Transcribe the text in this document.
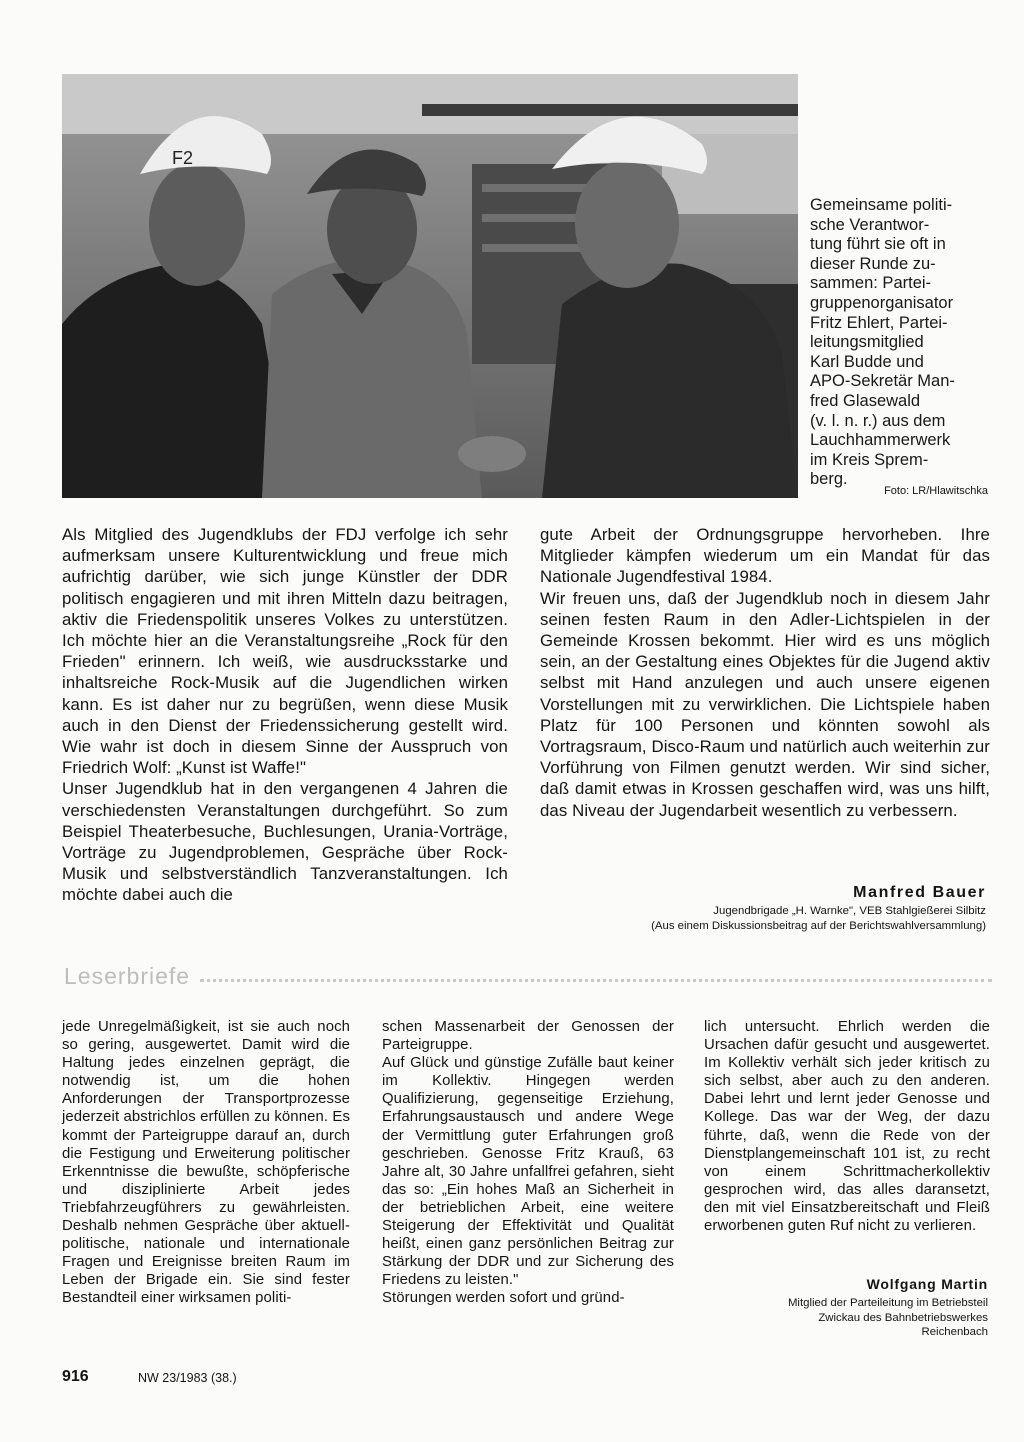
F2
Gemeinsame politi-
sche Verantwor-
tung führt sie oft in
dieser Runde zu-
sammen: Partei-
gruppenorganisator
Fritz Ehlert, Partei-
leitungsmitglied
Karl Budde und
APO-Sekretär Man-
fred Glasewald
(v. l. n. r.) aus dem
Lauchhammerwerk
im Kreis Sprem-
berg.
Foto: LR/Hlawitschka

Als Mitglied des Jugendklubs der FDJ verfolge ich sehr aufmerksam unsere Kulturentwicklung und freue mich aufrichtig darüber, wie sich junge Künstler der DDR politisch engagieren und mit ihren Mitteln dazu beitragen, aktiv die Friedenspolitik unseres Volkes zu unterstützen. Ich möchte hier an die Veranstaltungsreihe „Rock für den Frieden" erinnern. Ich weiß, wie ausdrucksstarke und inhaltsreiche Rock-Musik auf die Jugendlichen wirken kann. Es ist daher nur zu begrüßen, wenn diese Musik auch in den Dienst der Friedenssicherung gestellt wird. Wie wahr ist doch in diesem Sinne der Ausspruch von Friedrich Wolf: „Kunst ist Waffe!"

Unser Jugendklub hat in den vergangenen 4 Jahren die verschiedensten Veranstaltungen durchgeführt. So zum Beispiel Theaterbesuche, Buchlesungen, Urania-Vorträge, Vorträge zu Jugendproblemen, Gespräche über Rock-Musik und selbstverständlich Tanzveranstaltungen. Ich möchte dabei auch die

gute Arbeit der Ordnungsgruppe hervorheben. Ihre Mitglieder kämpfen wiederum um ein Mandat für das Nationale Jugendfestival 1984.

Wir freuen uns, daß der Jugendklub noch in diesem Jahr seinen festen Raum in den Adler-Lichtspielen in der Gemeinde Krossen bekommt. Hier wird es uns möglich sein, an der Gestaltung eines Objektes für die Jugend aktiv selbst mit Hand anzulegen und auch unsere eigenen Vorstellungen mit zu verwirklichen. Die Lichtspiele haben Platz für 100 Personen und könnten sowohl als Vortragsraum, Disco-Raum und natürlich auch weiterhin zur Vorführung von Filmen genutzt werden. Wir sind sicher, daß damit etwas in Krossen geschaffen wird, was uns hilft, das Niveau der Jugendarbeit wesentlich zu verbessern.

Manfred Bauer
Jugendbrigade „H. Warnke", VEB Stahlgießerei Silbitz
(Aus einem Diskussionsbeitrag auf der Berichtswahlversammlung)
Leserbriefe

jede Unregelmäßigkeit, ist sie auch noch so gering, ausgewertet. Damit wird die Haltung jedes einzelnen geprägt, die notwendig ist, um die hohen Anforderungen der Transportprozesse jederzeit abstrichlos erfüllen zu können. Es kommt der Parteigruppe darauf an, durch die Festigung und Erweiterung politischer Erkenntnisse die bewußte, schöpferische und disziplinierte Arbeit jedes Triebfahrzeugführers zu gewährleisten. Deshalb nehmen Gespräche über aktuell-politische, nationale und internationale Fragen und Ereignisse breiten Raum im Leben der Brigade ein. Sie sind fester Bestandteil einer wirksamen politi-

schen Massenarbeit der Genossen der Parteigruppe.

Auf Glück und günstige Zufälle baut keiner im Kollektiv. Hingegen werden Qualifizierung, gegenseitige Erziehung, Erfahrungsaustausch und andere Wege der Vermittlung guter Erfahrungen groß geschrieben. Genosse Fritz Krauß, 63 Jahre alt, 30 Jahre unfallfrei gefahren, sieht das so: „Ein hohes Maß an Sicherheit in der betrieblichen Arbeit, eine weitere Steigerung der Effektivität und Qualität heißt, einen ganz persönlichen Beitrag zur Stärkung der DDR und zur Sicherung des Friedens zu leisten."

Störungen werden sofort und gründ-

lich untersucht. Ehrlich werden die Ursachen dafür gesucht und ausgewertet. Im Kollektiv verhält sich jeder kritisch zu sich selbst, aber auch zu den anderen. Dabei lehrt und lernt jeder Genosse und Kollege. Das war der Weg, der dazu führte, daß, wenn die Rede von der Dienstplangemeinschaft 101 ist, zu recht von einem Schrittmacherkollektiv gesprochen wird, das alles daransetzt, den mit viel Einsatzbereitschaft und Fleiß erworbenen guten Ruf nicht zu verlieren.

Wolfgang Martin
Mitglied der Parteileitung im Betriebsteil
Zwickau des Bahnbetriebswerkes
Reichenbach
916	NW 23/1983 (38.)
